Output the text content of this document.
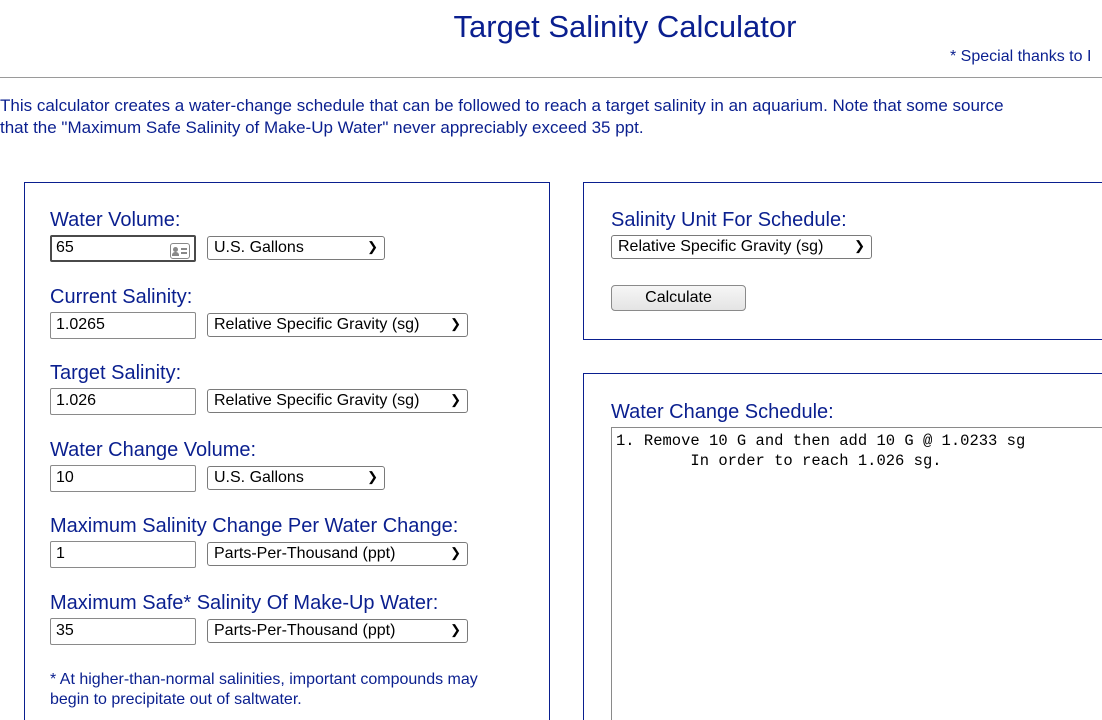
Target Salinity Calculator
* Special thanks to I
This calculator creates a water-change schedule that can be followed to reach a target salinity in an aquarium. Note that some source
that the "Maximum Safe Salinity of Make-Up Water" never appreciably exceed 35 ppt.
Water Volume:
65	U.S. Gallons	❯
Current Salinity:
1.0265	Relative Specific Gravity (sg) ❯
Target Salinity:
1.026	Relative Specific Gravity (sg) ❯
Water Change Volume:
10	U.S. Gallons	❯
Maximum Salinity Change Per Water Change:
1	Parts-Per-Thousand (ppt)	❯
Maximum Safe* Salinity Of Make-Up Water:
35	Parts-Per-Thousand (ppt)	❯
* At higher-than-normal salinities, important compounds may
begin to precipitate out of saltwater.
Salinity Unit For Schedule:
Relative Specific Gravity (sg) ❯
Calculate
Water Change Schedule:
1. Remove 10 G and then add 10 G @ 1.0233 sg
In order to reach 1.026 sg.
